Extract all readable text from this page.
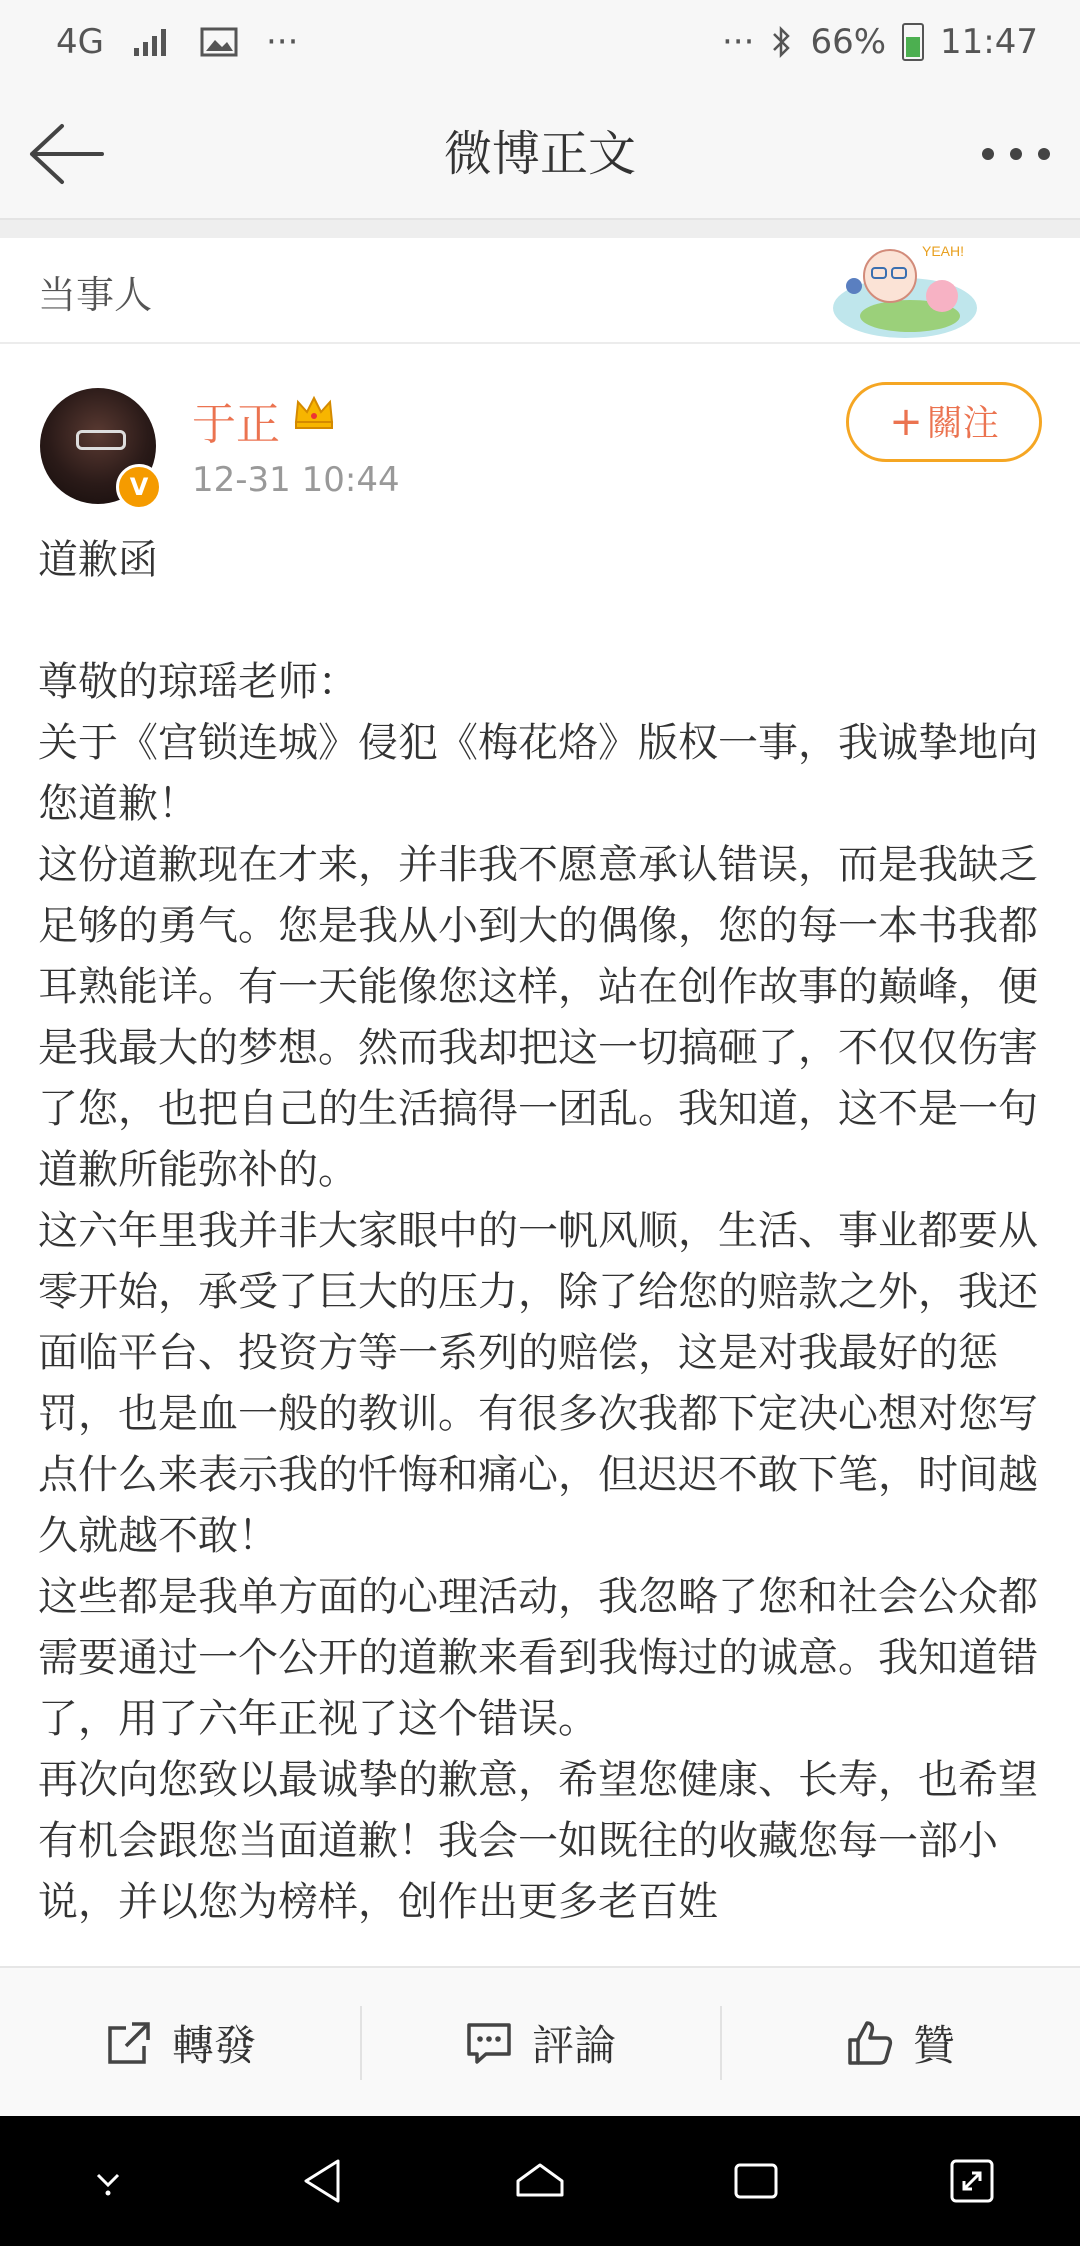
4G	···	··· 66% 11:47
微博正文
当事人
YEAH!
V
于正
12-31 10:44
+ 關注
道歉函

尊敬的琼瑶老师：
关于《宫锁连城》侵犯《梅花烙》版权一事，我诚挚地向您道歉！
这份道歉现在才来，并非我不愿意承认错误，而是我缺乏足够的勇气。您是我从小到大的偶像，您的每一本书我都耳熟能详。有一天能像您这样，站在创作故事的巅峰，便是我最大的梦想。然而我却把这一切搞砸了，不仅仅伤害了您，也把自己的生活搞得一团乱。我知道，这不是一句道歉所能弥补的。
这六年里我并非大家眼中的一帆风顺，生活、事业都要从零开始，承受了巨大的压力，除了给您的赔款之外，我还面临平台、投资方等一系列的赔偿，这是对我最好的惩罚，也是血一般的教训。有很多次我都下定决心想对您写点什么来表示我的忏悔和痛心，但迟迟不敢下笔，时间越久就越不敢！
这些都是我单方面的心理活动，我忽略了您和社会公众都需要通过一个公开的道歉来看到我悔过的诚意。我知道错了，用了六年正视了这个错误。
再次向您致以最诚挚的歉意，希望您健康、长寿，也希望有机会跟您当面道歉！我会一如既往的收藏您每一部小说，并以您为榜样，创作出更多老百姓
轉發	評論	贊
